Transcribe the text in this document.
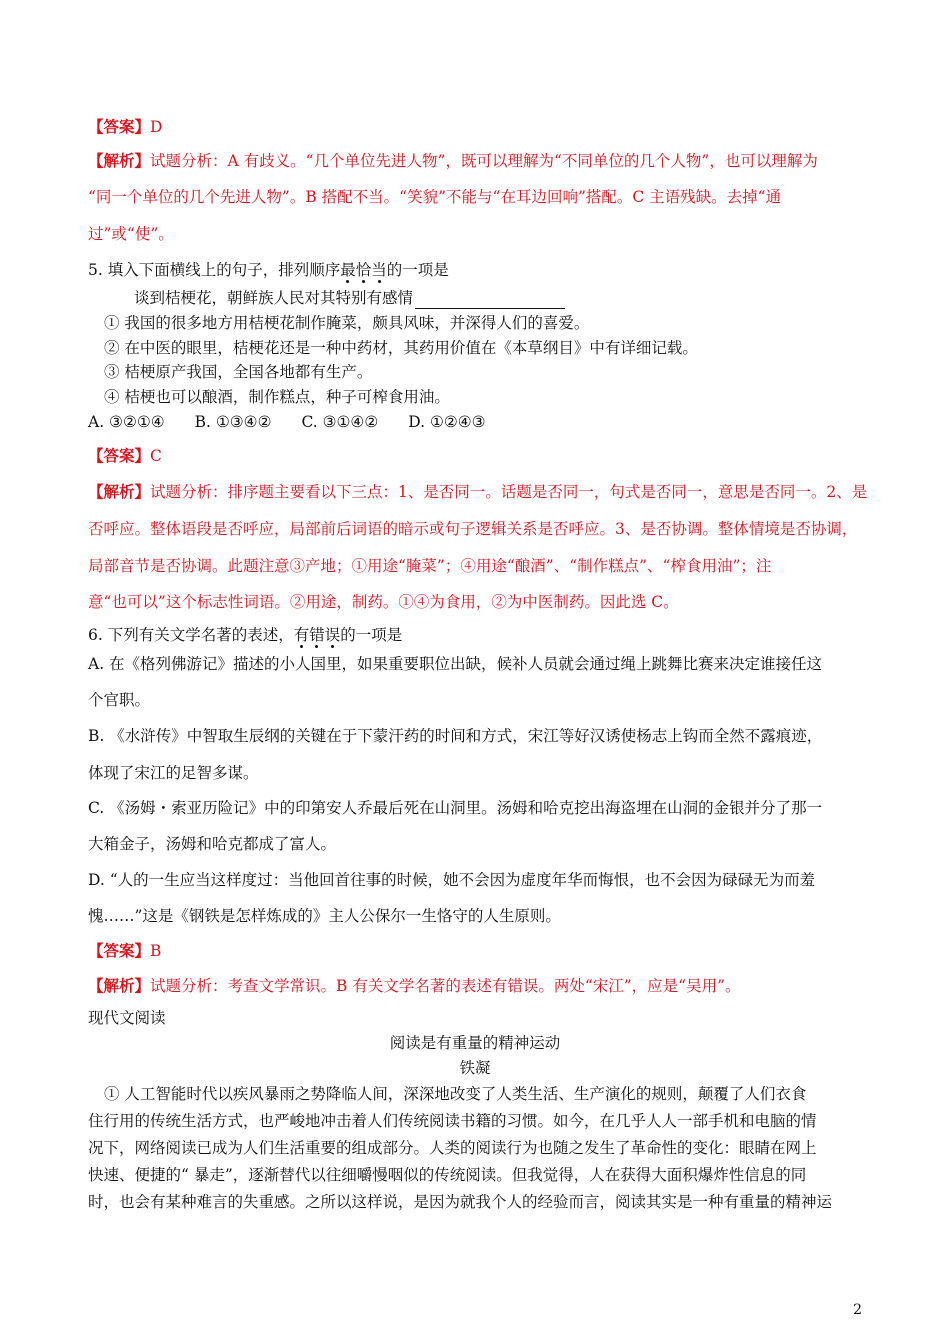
【答案】D
【解析】试题分析：A 有歧义。“几个单位先进人物”，既可以理解为“不同单位的几个人物”，也可以理解为
“同一个单位的几个先进人物”。B 搭配不当。“笑貌”不能与“在耳边回响”搭配。C 主语残缺。去掉“通
过”或“使”。
5. 填入下面横线上的句子，排列顺序最恰当的一项是
谈到桔梗花，朝鲜族人民对其特别有感情
① 我国的很多地方用桔梗花制作腌菜，颇具风味，并深得人们的喜爱。
② 在中医的眼里，桔梗花还是一种中药材，其药用价值在《本草纲目》中有详细记载。
③ 桔梗原产我国，全国各地都有生产。
④ 桔梗也可以酿酒，制作糕点，种子可榨食用油。
A. ③②①④ B. ①③④② C. ③①④② D. ①②④③
【答案】C
【解析】试题分析：排序题主要看以下三点：1、是否同一。话题是否同一，句式是否同一，意思是否同一。2、是
否呼应。整体语段是否呼应，局部前后词语的暗示或句子逻辑关系是否呼应。3、是否协调。整体情境是否协调，
局部音节是否协调。此题注意③产地；①用途“腌菜”；④用途“酿酒”、“制作糕点”、“榨食用油”；注
意“也可以”这个标志性词语。②用途，制药。①④为食用，②为中医制药。因此选 C。
6. 下列有关文学名著的表述，有错误的一项是
A. 在《格列佛游记》描述的小人国里，如果重要职位出缺，候补人员就会通过绳上跳舞比赛来决定谁接任这
个官职。
B. 《水浒传》中智取生辰纲的关键在于下蒙汗药的时间和方式，宋江等好汉诱使杨志上钩而全然不露痕迹，
体现了宋江的足智多谋。
C. 《汤姆・索亚历险记》中的印第安人乔最后死在山洞里。汤姆和哈克挖出海盗埋在山洞的金银并分了那一
大箱金子，汤姆和哈克都成了富人。
D. “人的一生应当这样度过：当他回首往事的时候，她不会因为虚度年华而悔恨，也不会因为碌碌无为而羞
愧……”这是《钢铁是怎样炼成的》主人公保尔一生恪守的人生原则。
【答案】B
【解析】试题分析：考查文学常识。B 有关文学名著的表述有错误。两处“宋江”，应是“吴用”。
现代文阅读
阅读是有重量的精神运动
铁凝
① 人工智能时代以疾风暴雨之势降临人间，深深地改变了人类生活、生产演化的规则，颠覆了人们衣食
住行用的传统生活方式，也严峻地冲击着人们传统阅读书籍的习惯。如今，在几乎人人一部手机和电脑的情
况下，网络阅读已成为人们生活重要的组成部分。人类的阅读行为也随之发生了革命性的变化：眼睛在网上
快速、便捷的“ 暴走”，逐渐替代以往细嚼慢咽似的传统阅读。但我觉得，人在获得大面积爆炸性信息的同
时，也会有某种难言的失重感。之所以这样说，是因为就我个人的经验而言，阅读其实是一种有重量的精神运
2
